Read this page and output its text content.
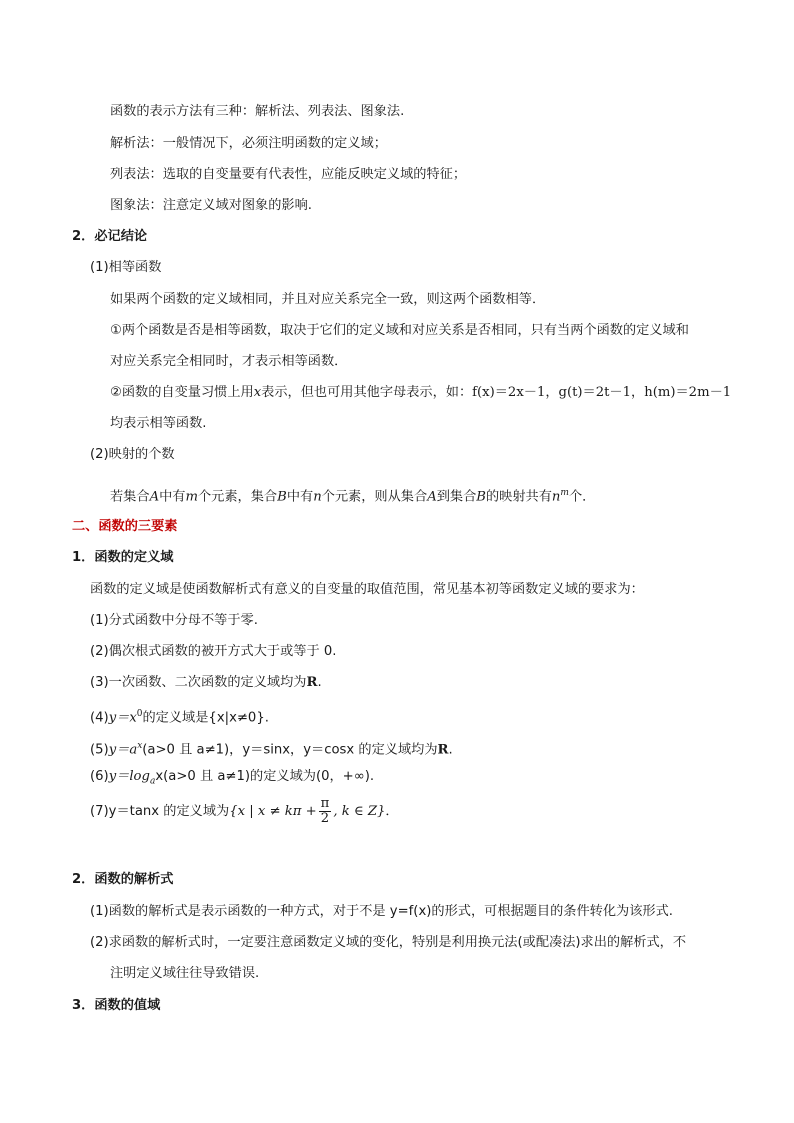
函数的表示方法有三种：解析法、列表法、图象法.
解析法：一般情况下，必须注明函数的定义域；
列表法：选取的自变量要有代表性，应能反映定义域的特征；
图象法：注意定义域对图象的影响.
2．必记结论
(1)相等函数
如果两个函数的定义域相同，并且对应关系完全一致，则这两个函数相等．
①两个函数是否是相等函数，取决于它们的定义域和对应关系是否相同，只有当两个函数的定义域和
对应关系完全相同时，才表示相等函数．
②函数的自变量习惯上用x表示，但也可用其他字母表示，如：f(x)＝2x－1，g(t)＝2t－1，h(m)＝2m－1
均表示相等函数.
(2)映射的个数
若集合A中有m个元素，集合B中有n个元素，则从集合A到集合B的映射共有$n^m$个．
二、函数的三要素
1．函数的定义域
函数的定义域是使函数解析式有意义的自变量的取值范围，常见基本初等函数定义域的要求为：
(1)分式函数中分母不等于零.
(2)偶次根式函数的被开方式大于或等于 0.
(3)一次函数、二次函数的定义域均为R.
$(4)y=x^0$的定义域是{x|x≠0}.
$(5)y=a^x(a>0$ 且 a≠1)，y＝sinx，y＝cosx 的定义域均为R.
$(6)y=\log_ax(a>0$ 且 a≠1)的定义域为(0，+∞).
(7)y＝tanx 的定义域为{x | $x \ne k\pi + \frac{\pi}{2}$ , k ∈ Z}．
2．函数的解析式
(1)函数的解析式是表示函数的一种方式，对于不是 y=f(x)的形式，可根据题目的条件转化为该形式.
(2)求函数的解析式时，一定要注意函数定义域的变化，特别是利用换元法(或配凑法)求出的解析式，不
注明定义域往往导致错误.
3．函数的值域
